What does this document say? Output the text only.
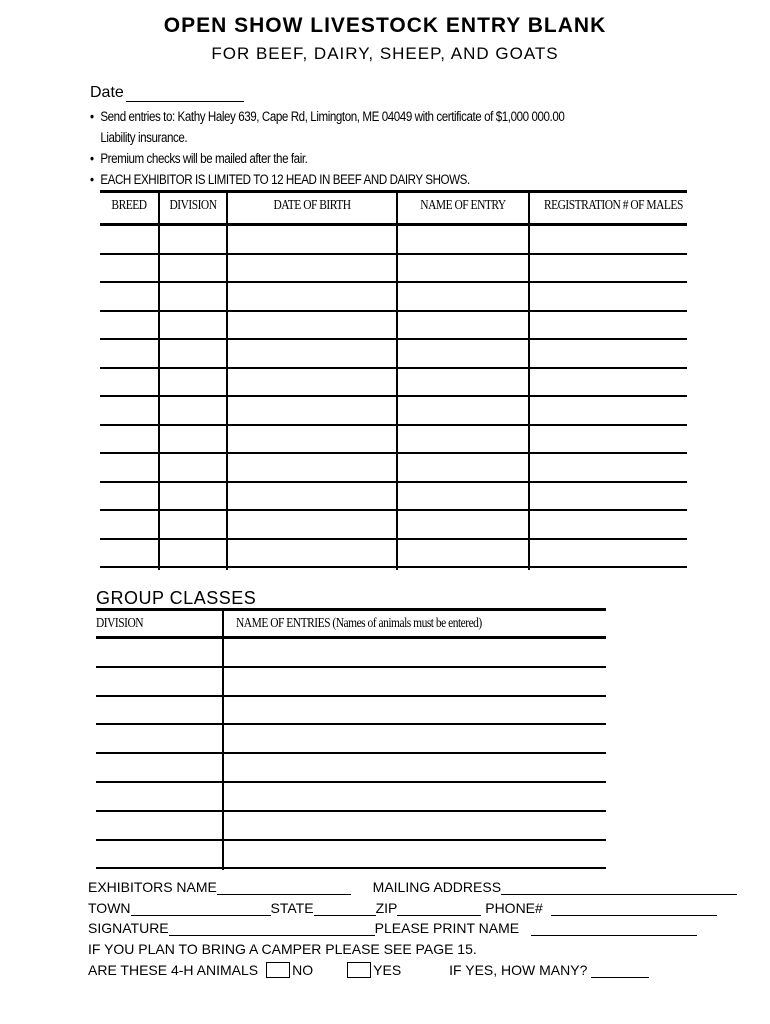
OPEN SHOW LIVESTOCK ENTRY BLANK
FOR BEEF, DAIRY, SHEEP, AND GOATS
Date
• Send entries to: Kathy Haley 639, Cape Rd, Limington, ME 04049 with certificate of $1,000 000.00
Liability insurance.
• Premium checks will be mailed after the fair.
• EACH EXHIBITOR IS LIMITED TO 12 HEAD IN BEEF AND DAIRY SHOWS.
BREED	DIVISION	DATE OF BIRTH	NAME OF ENTRY	REGISTRATION # OF MALES
GROUP CLASSES
DIVISION	NAME OF ENTRIES (Names of animals must be entered)
EXHIBITORS NAME	MAILING ADDRESS
TOWN	STATE	ZIP	PHONE#
SIGNATURE	PLEASE PRINT NAME
IF YOU PLAN TO BRING A CAMPER PLEASE SEE PAGE 15.
ARE THESE 4-H ANIMALS NO	YES	IF YES, HOW MANY?
